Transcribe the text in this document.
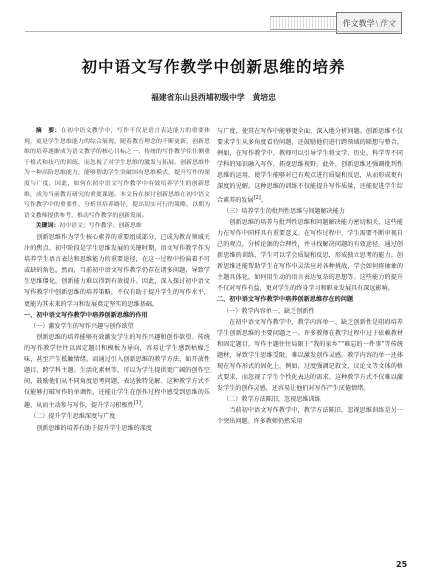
作文教学 \ 作文
初中语文写作教学中创新思维的培养
福建省东山县西埔初级中学　黄培忠

摘　要：在初中语文教学中，写作不仅是语言表达能力的重要体现，更是学生思维能力的综合展现。随着教育理念的不断更新，创新思维的培养逐渐成为语文教学的核心目标之一。传统的写作教学往往侧重于格式和技巧的训练，而忽视了对学生思维的激发与拓展。创新思维作为一种高阶思维能力，能够帮助学生突破固有思维模式，提升写作的深度与广度。因此，如何在初中语文写作教学中有效培养学生的创新思维，成为当前教育研究的重要课题。本文旨在探讨创新思维在初中语文写作教学中的重要性，分析其培养路径，提出切实可行的策略，以期为语文教师提供参考，推动写作教学的创新发展。

关键词：初中语文；写作教学；创新思维

创新思维作为学生核心素养的重要组成部分，已成为教育领域关注的焦点。初中阶段是学生思维发展的关键时期，语文写作教学作为培养学生语言表达和思维能力的重要途径，在这一过程中扮演着不可或缺的角色。然而，当前初中语文写作教学仍存在诸多问题，导致学生思维僵化，创新能力难以得到有效提升。因此，深入探讨初中语文写作教学中创新思维的培养策略，不仅有助于提升学生的写作水平，更能为其未来的学习和发展奠定坚实的思维基础。

一、初中语文写作教学中培养创新思维的作用

（一）激发学生的写作兴趣与创作欲望

创新思维的培养能够有效激发学生的写作兴趣和创作欲望。传统的写作教学往往以固定题目和模板为导向，容易让学生感到枯燥乏味，甚至产生抵触情绪。而通过引入创新思维的教学方法，如开放性题目、跨学科主题、生活化素材等，可以为学生提供更广阔的创作空间，鼓励他们从不同角度思考问题，表达独特见解。这种教学方式不仅能够打破写作的单调性，还能让学生在创作过程中感受到思维的乐趣，从而主动参与写作，提升学习积极性[1]。

（二）提升学生思维深度与广度

创新思维的培养有助于提升学生思维的深度

与广度，使其在写作中能够更全面、深入地分析问题。创新思维不仅要求学生从多角度看待问题，还鼓励他们进行跨领域的联想与整合。例如，在写作教学中，教师可以引导学生将文学、历史、科学等不同学科的知识融入写作，拓宽思维视野。此外，创新思维还强调批判性思维的运用，使学生能够对已有观点进行质疑和反思，从而形成更有深度的见解。这种思维的训练不仅能提升写作质量，还能促进学生综合素养的发展[2]。

（三）培养学生的批判性思维与问题解决能力

创新思维的培养与批判性思维和问题解决能力密切相关，这些能力在写作中同样具有重要意义。在写作过程中，学生需要不断审视自己的观点，分析论据的合理性，并寻找解决问题的有效途径。通过创新思维的训练，学生可以学会质疑和反思，形成独立思考的能力。创新思维还能帮助学生在写作中灵活应对各种挑战，学会如何将抽象的主题具体化，如何用生动的语言表达复杂的思想等。这些能力的提升不仅对写作有益，更对学生的终身学习和职业发展具有深远影响。

二、初中语文写作教学中培养创新思维存在的问题

（一）教学内容单一、缺乏创新性

在初中语文写作教学中，教学内容单一、缺乏创新性是阻碍培养学生创新思维的主要问题之一。许多教师在教学过程中过于依赖教材和固定题目，写作主题往往局限于“我的家乡”“难忘的一件事”等传统题材，导致学生思维受限，难以激发创作灵感。教学内容的单一还体现在写作形式的固化上，例如，过度强调记叙文、议论文等文体的格式要求，而忽视了学生个性化表达的需求。这种教学方式不仅难以激发学生的创作灵感，还容易让他们对写作产生厌倦情绪。

（二）教学方法陈旧，忽视思维训练

当前初中语文写作教学中，教学方法陈旧、忽视思维训练是另一个突出问题。许多教师仍然采用

25
